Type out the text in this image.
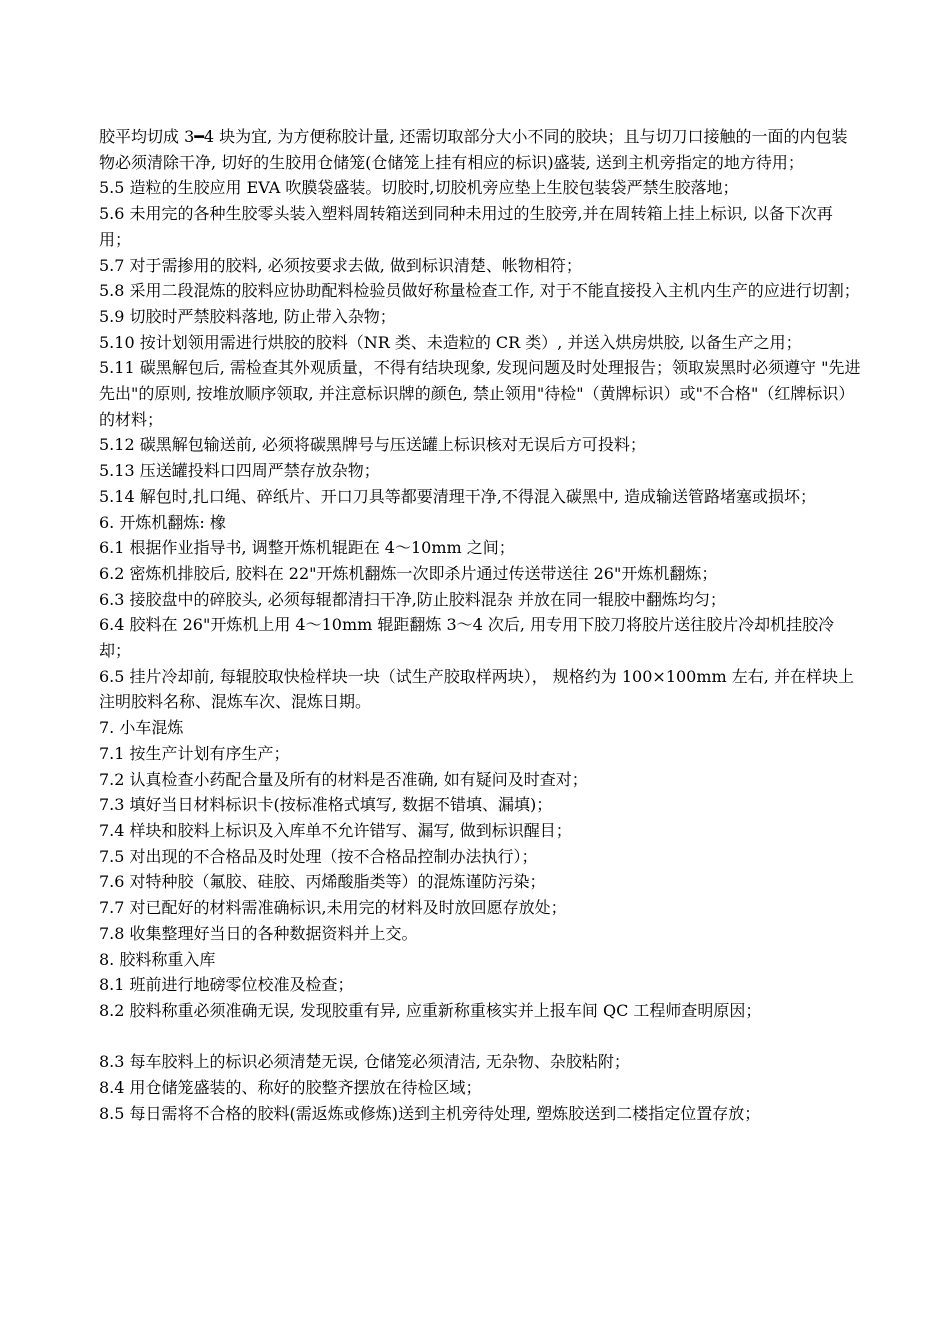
胶平均切成 3━4 块为宜, 为方便称胶计量, 还需切取部分大小不同的胶块；且与切刀口接触的一面的内包装物必须清除干净, 切好的生胶用仓储笼(仓储笼上挂有相应的标识)盛装, 送到主机旁指定的地方待用；

5.5 造粒的生胶应用 EVA 吹膜袋盛装。切胶时,切胶机旁应垫上生胶包装袋严禁生胶落地；

5.6 未用完的各种生胶零头装入塑料周转箱送到同种未用过的生胶旁,并在周转箱上挂上标识, 以备下次再用；

5.7 对于需掺用的胶料, 必须按要求去做, 做到标识清楚、帐物相符；

5.8 采用二段混炼的胶料应协助配料检验员做好称量检查工作, 对于不能直接投入主机内生产的应进行切割；

5.9 切胶时严禁胶料落地, 防止带入杂物；

5.10 按计划领用需进行烘胶的胶料（NR 类、未造粒的 CR 类）, 并送入烘房烘胶, 以备生产之用；

5.11 碳黑解包后, 需检查其外观质量，不得有结块现象, 发现问题及时处理报告；领取炭黑时必须遵守 "先进先出"的原则, 按堆放顺序领取, 并注意标识牌的颜色, 禁止领用"待检"（黄牌标识）或"不合格"（红牌标识）的材料；

5.12 碳黑解包输送前, 必须将碳黑牌号与压送罐上标识核对无误后方可投料；

5.13 压送罐投料口四周严禁存放杂物；

5.14 解包时,扎口绳、碎纸片、开口刀具等都要清理干净,不得混入碳黑中, 造成输送管路堵塞或损坏；

6. 开炼机翻炼: 橡

6.1 根据作业指导书, 调整开炼机辊距在 4～10mm 之间；

6.2 密炼机排胶后, 胶料在 22"开炼机翻炼一次即杀片通过传送带送往 26"开炼机翻炼；

6.3 接胶盘中的碎胶头, 必须每辊都清扫干净,防止胶料混杂 并放在同一辊胶中翻炼均匀；

6.4 胶料在 26"开炼机上用 4～10mm 辊距翻炼 3～4 次后, 用专用下胶刀将胶片送往胶片冷却机挂胶冷却；

6.5 挂片冷却前, 每辊胶取快检样块一块（试生产胶取样两块）， 规格约为 100×100mm 左右, 并在样块上注明胶料名称、混炼车次、混炼日期。

7. 小车混炼

7.1 按生产计划有序生产；

7.2 认真检查小药配合量及所有的材料是否准确, 如有疑问及时查对；

7.3 填好当日材料标识卡(按标准格式填写, 数据不错填、漏填)；

7.4 样块和胶料上标识及入库单不允许错写、漏写, 做到标识醒目；

7.5 对出现的不合格品及时处理（按不合格品控制办法执行）；

7.6 对特种胶（氟胶、硅胶、丙烯酸脂类等）的混炼谨防污染；

7.7 对已配好的材料需准确标识,未用完的材料及时放回愿存放处；

7.8 收集整理好当日的各种数据资料并上交。

8. 胶料称重入库

8.1 班前进行地磅零位校准及检查；

8.2 胶料称重必须准确无误, 发现胶重有异, 应重新称重核实并上报车间 QC 工程师查明原因；

8.3 每车胶料上的标识必须清楚无误, 仓储笼必须清洁, 无杂物、杂胶粘附；

8.4 用仓储笼盛装的、称好的胶整齐摆放在待检区域；

8.5 每日需将不合格的胶料(需返炼或修炼)送到主机旁待处理, 塑炼胶送到二楼指定位置存放；
